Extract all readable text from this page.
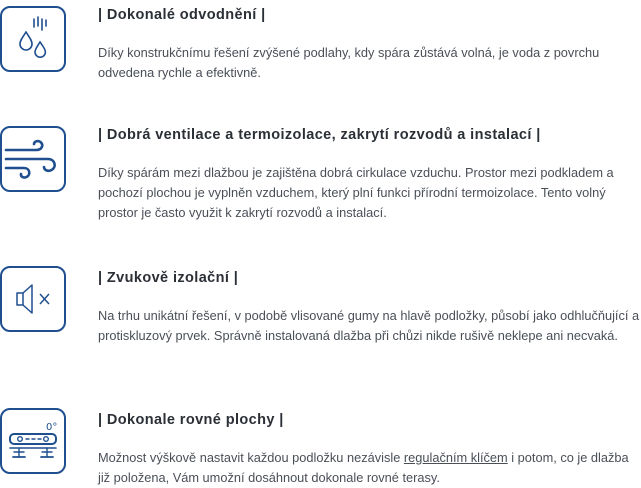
| Dokonalé odvodnění |

Díky konstrukčnímu řešení zvýšené podlahy, kdy spára zůstává volná, je voda z povrchu odvedena rychle a efektivně.

| Dobrá ventilace a termoizolace, zakrytí rozvodů a instalací |

Díky spárám mezi dlažbou je zajištěna dobrá cirkulace vzduchu. Prostor mezi podkladem a pochozí plochou je vyplněn vzduchem, který plní funkci přírodní termoizolace. Tento volný prostor je často využit k zakrytí rozvodů a instalací.

| Zvukově izolační |

Na trhu unikátní řešení, v podobě vlisované gumy na hlavě podložky, působí jako odhlučňující a protiskluzový prvek. Správně instalovaná dlažba při chůzi nikde rušivě neklepe ani necvaká.

0°	| Dokonale rovné plochy |

Možnost výškově nastavit každou podložku nezávisle regulačním klíčem i potom, co je dlažba již položena, Vám umožní dosáhnout dokonale rovné terasy.
